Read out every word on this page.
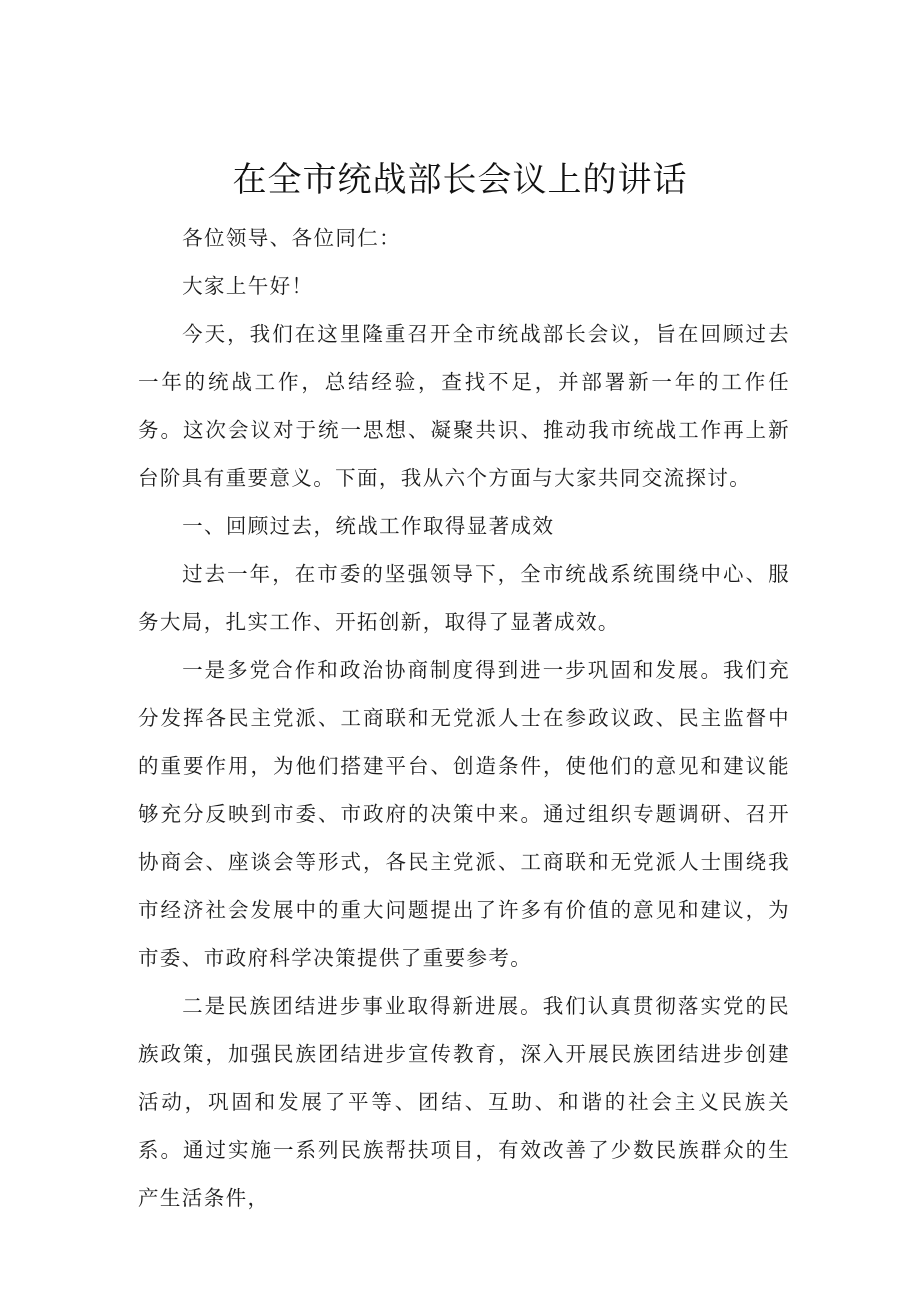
在全市统战部长会议上的讲话

各位领导、各位同仁：

大家上午好！

今天，我们在这里隆重召开全市统战部长会议，旨在回顾过去一年的统战工作，总结经验，查找不足，并部署新一年的工作任务。这次会议对于统一思想、凝聚共识、推动我市统战工作再上新台阶具有重要意义。下面，我从六个方面与大家共同交流探讨。

一、回顾过去，统战工作取得显著成效

过去一年，在市委的坚强领导下，全市统战系统围绕中心、服务大局，扎实工作、开拓创新，取得了显著成效。

一是多党合作和政治协商制度得到进一步巩固和发展。我们充分发挥各民主党派、工商联和无党派人士在参政议政、民主监督中的重要作用，为他们搭建平台、创造条件，使他们的意见和建议能够充分反映到市委、市政府的决策中来。通过组织专题调研、召开协商会、座谈会等形式，各民主党派、工商联和无党派人士围绕我市经济社会发展中的重大问题提出了许多有价值的意见和建议，为市委、市政府科学决策提供了重要参考。

二是民族团结进步事业取得新进展。我们认真贯彻落实党的民族政策，加强民族团结进步宣传教育，深入开展民族团结进步创建活动，巩固和发展了平等、团结、互助、和谐的社会主义民族关系。通过实施一系列民族帮扶项目，有效改善了少数民族群众的生产生活条件，
